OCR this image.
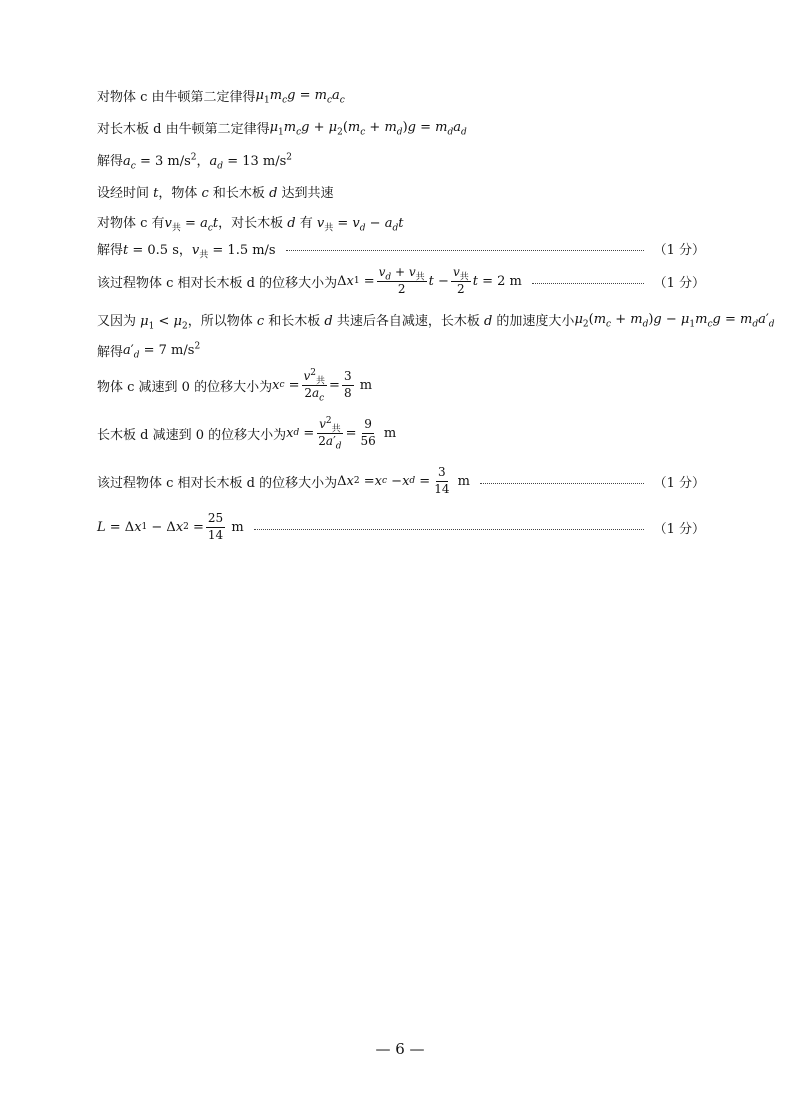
对物体 c 由牛顿第二定律得 $\mu_1m_cg = m_ca_c$
对长木板 d 由牛顿第二定律得 $\mu_1m_cg + \mu_2(m_c + m_d)g = m_da_d$
解得 $a_c = 3$ $m/s^2$，$a_d = 13$ $m/s^2$
设经时间 t，物体 c 和长木板 d 达到共速
对物体 c 有 $v_共 = a_ct$，对长木板 d 有 $v_共 = v_d - a_dt$
解得 t = 0.5 s，$v_共 = 1.5$ m/s	（1 分）
该过程物体 c 相对长木板 d 的位移大小为 Δ x $1 = \frac{v_d + v_共}{2}$ $t - \frac{v_共}{2}$ t = 2 m	（1 分）
又因为 $\mu_1 < \mu_2$，所以物体 c 和长木板 d 共速后各自减速，长木板 d 的加速度大小 $\mu_2(m_c + m_d)g - \mu_1m_cg = m_da'_d$
解得 $a'_d = 7$ $m/s^2$
物体 c 减速到 0 的位移大小为 x $c = \frac{v^2_共}{2a_c} = \frac{3}{8}$ m
长木板 d 减速到 0 的位移大小为 x $d = \frac{v^2_共}{2a'_d} = \frac{9}{56}$ m
该过程物体 c 相对长木板 d 的位移大小为 Δ x 2 = x c − x $d = \frac{3}{14}$ m	（1 分）
L = Δ x 1 − Δ x $2 = \frac{25}{14}$ m	（1 分）
— 6 —
